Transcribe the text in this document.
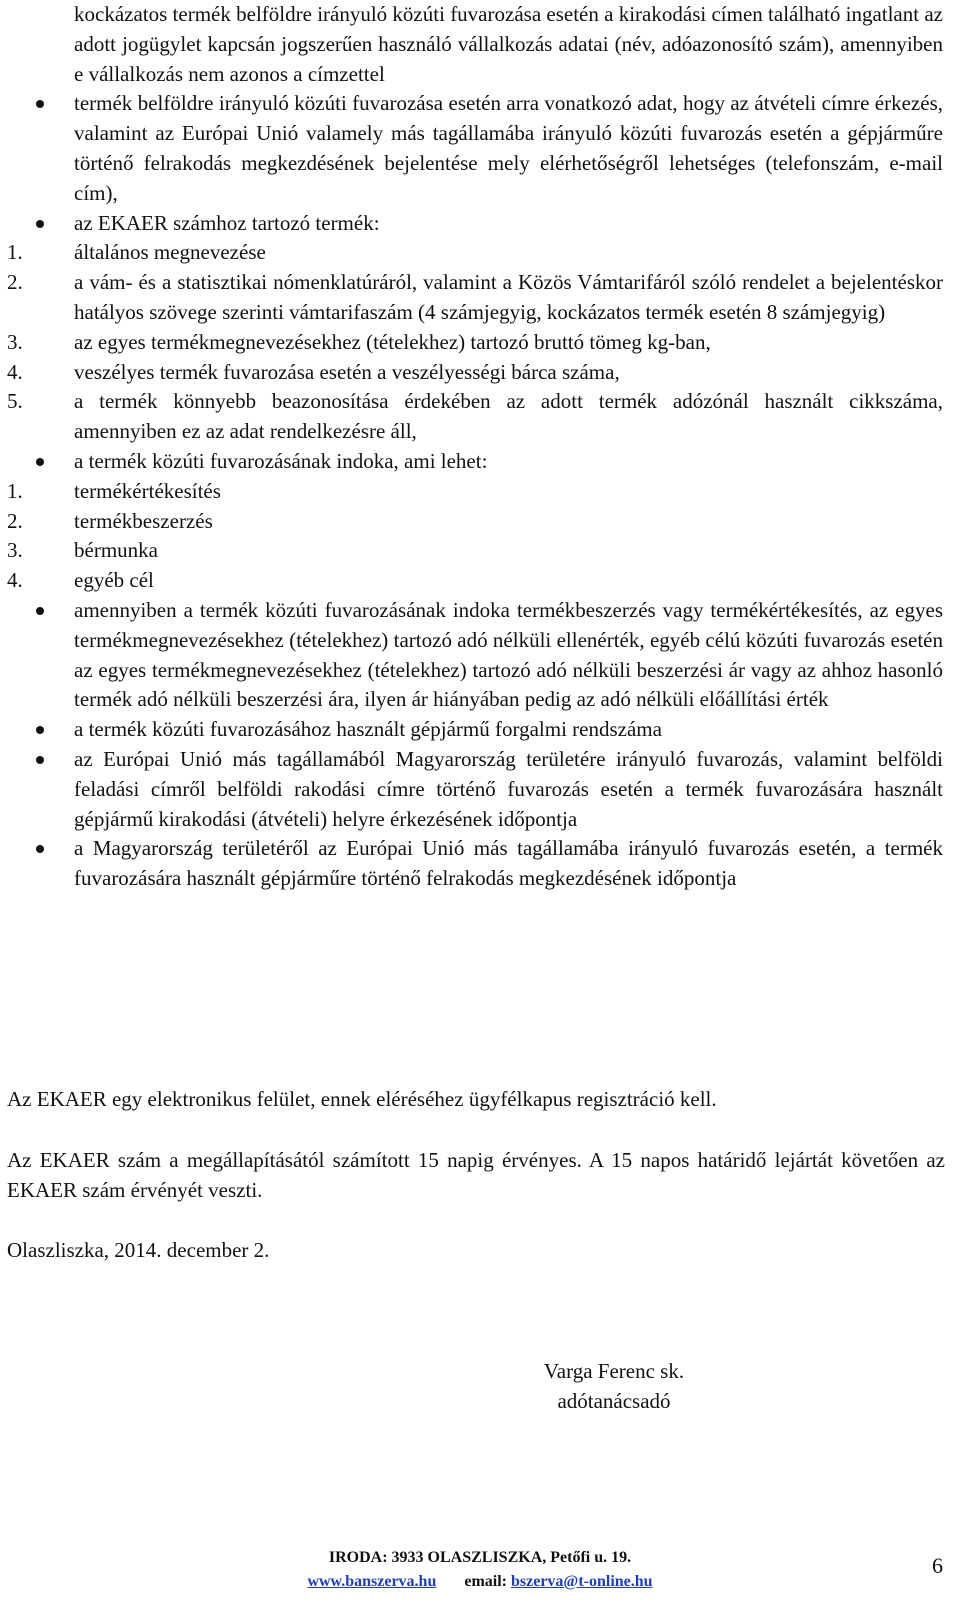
kockázatos termék belföldre irányuló közúti fuvarozása esetén a kirakodási címen található ingatlant az adott jogügylet kapcsán jogszerűen használó vállalkozás adatai (név, adóazonosító szám), amennyiben e vállalkozás nem azonos a címzettel
termék belföldre irányuló közúti fuvarozása esetén arra vonatkozó adat, hogy az átvételi címre érkezés, valamint az Európai Unió valamely más tagállamába irányuló közúti fuvarozás esetén a gépjárműre történő felrakodás megkezdésének bejelentése mely elérhetőségről lehetséges (telefonszám, e-mail cím),
az EKAER számhoz tartozó termék:
1.	általános megnevezése
2.	a vám- és a statisztikai nómenklatúráról, valamint a Közös Vámtarifáról szóló rendelet a bejelentéskor hatályos szövege szerinti vámtarifaszám (4 számjegyig, kockázatos termék esetén 8 számjegyig)
3.	az egyes termékmegnevezésekhez (tételekhez) tartozó bruttó tömeg kg-ban,
4.	veszélyes termék fuvarozása esetén a veszélyességi bárca száma,
5.	a termék könnyebb beazonosítása érdekében az adott termék adózónál használt cikkszáma, amennyiben ez az adat rendelkezésre áll,
a termék közúti fuvarozásának indoka, ami lehet:
1.	termékértékesítés
2.	termékbeszerzés
3.	bérmunka
4.	egyéb cél
amennyiben a termék közúti fuvarozásának indoka termékbeszerzés vagy termékértékesítés, az egyes termékmegnevezésekhez (tételekhez) tartozó adó nélküli ellenérték, egyéb célú közúti fuvarozás esetén az egyes termékmegnevezésekhez (tételekhez) tartozó adó nélküli beszerzési ár vagy az ahhoz hasonló termék adó nélküli beszerzési ára, ilyen ár hiányában pedig az adó nélküli előállítási érték
a termék közúti fuvarozásához használt gépjármű forgalmi rendszáma
az Európai Unió más tagállamából Magyarország területére irányuló fuvarozás, valamint belföldi feladási címről belföldi rakodási címre történő fuvarozás esetén a termék fuvarozására használt gépjármű kirakodási (átvételi) helyre érkezésének időpontja
a Magyarország területéről az Európai Unió más tagállamába irányuló fuvarozás esetén, a termék fuvarozására használt gépjárműre történő felrakodás megkezdésének időpontja
Az EKAER egy elektronikus felület, ennek eléréséhez ügyfélkapus regisztráció kell.
Az EKAER szám a megállapításától számított 15 napig érvényes. A 15 napos határidő lejártát követően az EKAER szám érvényét veszti.
Olaszliszka, 2014. december 2.
Varga Ferenc sk.
adótanácsadó
IRODA: 3933 OLASZLISZKA, Petőfi u. 19.
www.banszerva.hu email: bszerva@t-online.hu
6
